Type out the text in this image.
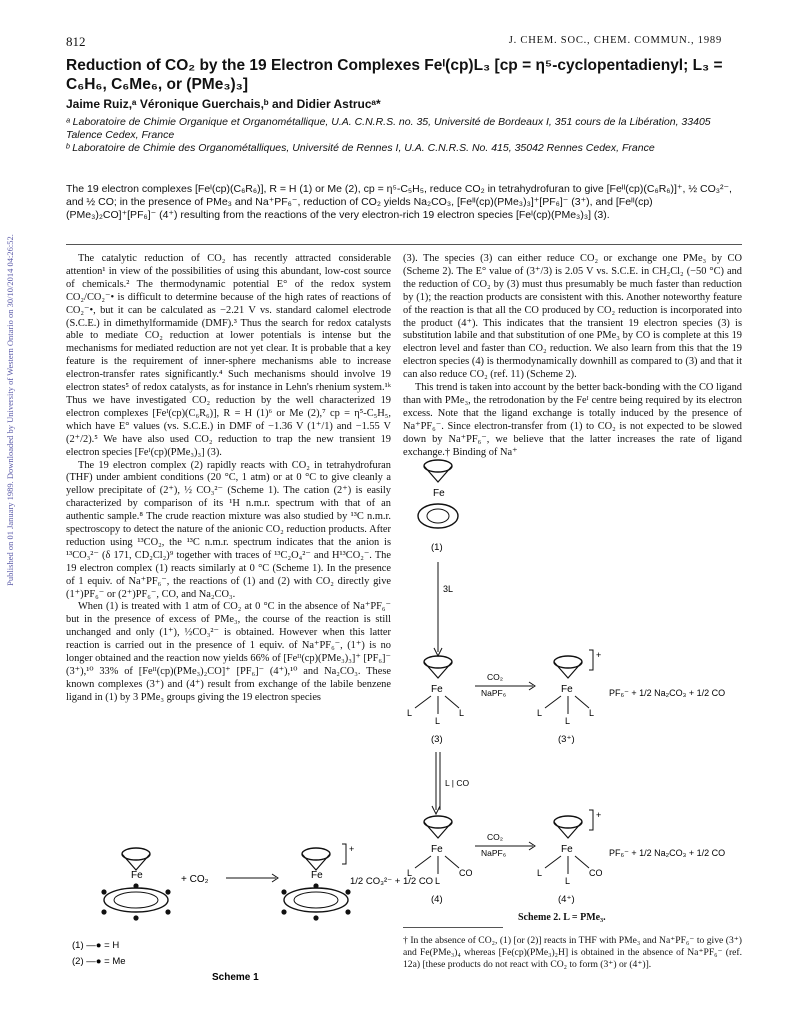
812	J. CHEM. SOC., CHEM. COMMUN., 1989
Reduction of CO₂ by the 19 Electron Complexes Feᴵ(cp)L₃ [cp = η⁵-cyclopentadienyl; L₃ = C₆H₆, C₆Me₆, or (PMe₃)₃]
Jaime Ruiz,ᵃ Véronique Guerchais,ᵇ and Didier Astrucᵃ*
ᵃ Laboratoire de Chimie Organique et Organométallique, U.A. C.N.R.S. no. 35, Université de Bordeaux I, 351 cours de la Libération, 33405 Talence Cedex, France
ᵇ Laboratoire de Chimie des Organométalliques, Université de Rennes I, U.A. C.N.R.S. No. 415, 35042 Rennes Cedex, France
The 19 electron complexes [Feᴵ(cp)(C₆R₆)], R = H (1) or Me (2), cp = η⁵-C₅H₅, reduce CO₂ in tetrahydrofuran to give [Feᴵᴵ(cp)(C₆R₆)]⁺, ½ CO₃²⁻, and ½ CO; in the presence of PMe₃ and Na⁺PF₆⁻, reduction of CO₂ yields Na₂CO₃, [Feᴵᴵ(cp)(PMe₃)₃]⁺[PF₆]⁻ (3⁺), and [Feᴵᴵ(cp)(PMe₃)₂CO]⁺[PF₆]⁻ (4⁺) resulting from the reactions of the very electron-rich 19 electron species [Feᴵ(cp)(PMe₃)₃] (3).
Published on 01 January 1989. Downloaded by University of Western Ontario on 30/10/2014 04:26:52.	The catalytic reduction of CO₂ has recently attracted considerable attention¹ in view of the possibilities of using this abundant, low-cost source of chemicals.² The thermodynamic potential E° of the redox system CO₂/CO₂⁻• is difficult to determine because of the high rates of reactions of CO₂⁻•, but it can be calculated as −2.21 V vs. standard calomel electrode (S.C.E.) in dimethylformamide (DMF).³ Thus the search for redox catalysts able to mediate CO₂ reduction at lower potentials is intense but the mechanisms for mediated reduction are not yet clear. It is probable that a key feature is the requirement of inner-sphere mechanisms able to increase electron-transfer rates significantly.⁴ Such mechanisms should involve 19 electron states⁵ of redox catalysts, as for instance in Lehn's rhenium system.¹ᵏ Thus we have investigated CO₂ reduction by the well characterized 19 electron complexes [Feᴵ(cp)(C₆R₆)], R = H (1)⁶ or Me (2),⁷ cp = η⁵-C₅H₅, which have E° values (vs. S.C.E.) in DMF of −1.36 V (1⁺/1) and −1.55 V (2⁺/2).⁵ We have also used CO₂ reduction to trap the new transient 19 electron species [Feᴵ(cp)(PMe₃)₃] (3).

The 19 electron complex (2) rapidly reacts with CO₂ in tetrahydrofuran (THF) under ambient conditions (20 °C, 1 atm) or at 0 °C to give cleanly a yellow precipitate of (2⁺), ½ CO₃²⁻ (Scheme 1). The cation (2⁺) is easily characterized by comparison of its ¹H n.m.r. spectrum with that of an authentic sample.⁸ The crude reaction mixture was also studied by ¹³C n.m.r. spectroscopy to detect the nature of the anionic CO₂ reduction products. After reduction using ¹³CO₂, the ¹³C n.m.r. spectrum indicates that the anion is ¹³CO₃²⁻ (δ 171, CD₂Cl₂)⁹ together with traces of ¹³C₂O₄²⁻ and H¹³CO₂⁻. The 19 electron complex (1) reacts similarly at 0 °C (Scheme 1). In the presence of 1 equiv. of Na⁺PF₆⁻, the reactions of (1) and (2) with CO₂ directly give (1⁺)PF₆⁻ or (2⁺)PF₆⁻, CO, and Na₂CO₃.

When (1) is treated with 1 atm of CO₂ at 0 °C in the absence of Na⁺PF₆⁻ but in the presence of excess of PMe₃, the course of the reaction is still unchanged and only (1⁺), ½CO₃²⁻ is obtained. However when this latter reaction is carried out in the presence of 1 equiv. of Na⁺PF₆⁻, (1⁺) is no longer obtained and the reaction now yields 66% of [Feᴵᴵ(cp)(PMe₃)₃]⁺ [PF₆]⁻ (3⁺),¹⁰ 33% of [Feᴵᴵ(cp)(PMe₃)₂CO]⁺ [PF₆]⁻ (4⁺),¹⁰ and Na₂CO₃. These known complexes (3⁺) and (4⁺) result from exchange of the labile benzene ligand in (1) by 3 PMe₃ groups giving the 19 electron species

(3). The species (3) can either reduce CO₂ or exchange one PMe₃ by CO (Scheme 2). The E° value of (3⁺/3) is 2.05 V vs. S.C.E. in CH₂Cl₂ (−50 °C) and the reduction of CO₂ by (3) must thus presumably be much faster than reduction by (1); the reaction products are consistent with this. Another noteworthy feature of the reaction is that all the CO produced by CO₂ reduction is incorporated into the product (4⁺). This indicates that the transient 19 electron species (3) is substitution labile and that substitution of one PMe₃ by CO is complete at this 19 electron level and faster than CO₂ reduction. We also learn from this that the 19 electron species (4) is thermodynamically downhill as compared to (3) and that it can also reduce CO₂ (ref. 11) (Scheme 2).

This trend is taken into account by the better back-bonding with the CO ligand than with PMe₃, the retrodonation by the Feᴵ centre being required by its electron excess. Note that the ligand exchange is totally induced by the presence of Na⁺PF₆⁻. Since electron-transfer from (1) to CO₂ is not expected to be slowed down by Na⁺PF₆⁻, we believe that the latter increases the rate of ligand exchange.† Binding of Na⁺

Fe	+ CO₂	Fe
+
1/2 CO₃²⁻ + 1/2 CO
(1) —● = H
(2) —● = Me
Scheme 1
Fe
(1)
3L
Fe
L	L
L
(3)
CO₂
NaPF₆	Fe
L	L
L
+
(3⁺)
PF₆⁻ + 1/2 Na₂CO₃ + 1/2 CO
L | CO
Fe
L	CO
L
(4)
CO₂
NaPF₆	Fe
L	CO
L
+
(4⁺)
PF₆⁻ + 1/2 Na₂CO₃ + 1/2 CO
Scheme 2. L = PMe₃.
† In the absence of CO₂, (1) [or (2)] reacts in THF with PMe₃ and Na⁺PF₆⁻ to give (3⁺) and Fe(PMe₃)₄ whereas [Fe(cp)(PMe₃)₂H] is obtained in the absence of Na⁺PF₆⁻ (ref. 12a) [these products do not react with CO₂ to form (3⁺) or (4⁺)].
